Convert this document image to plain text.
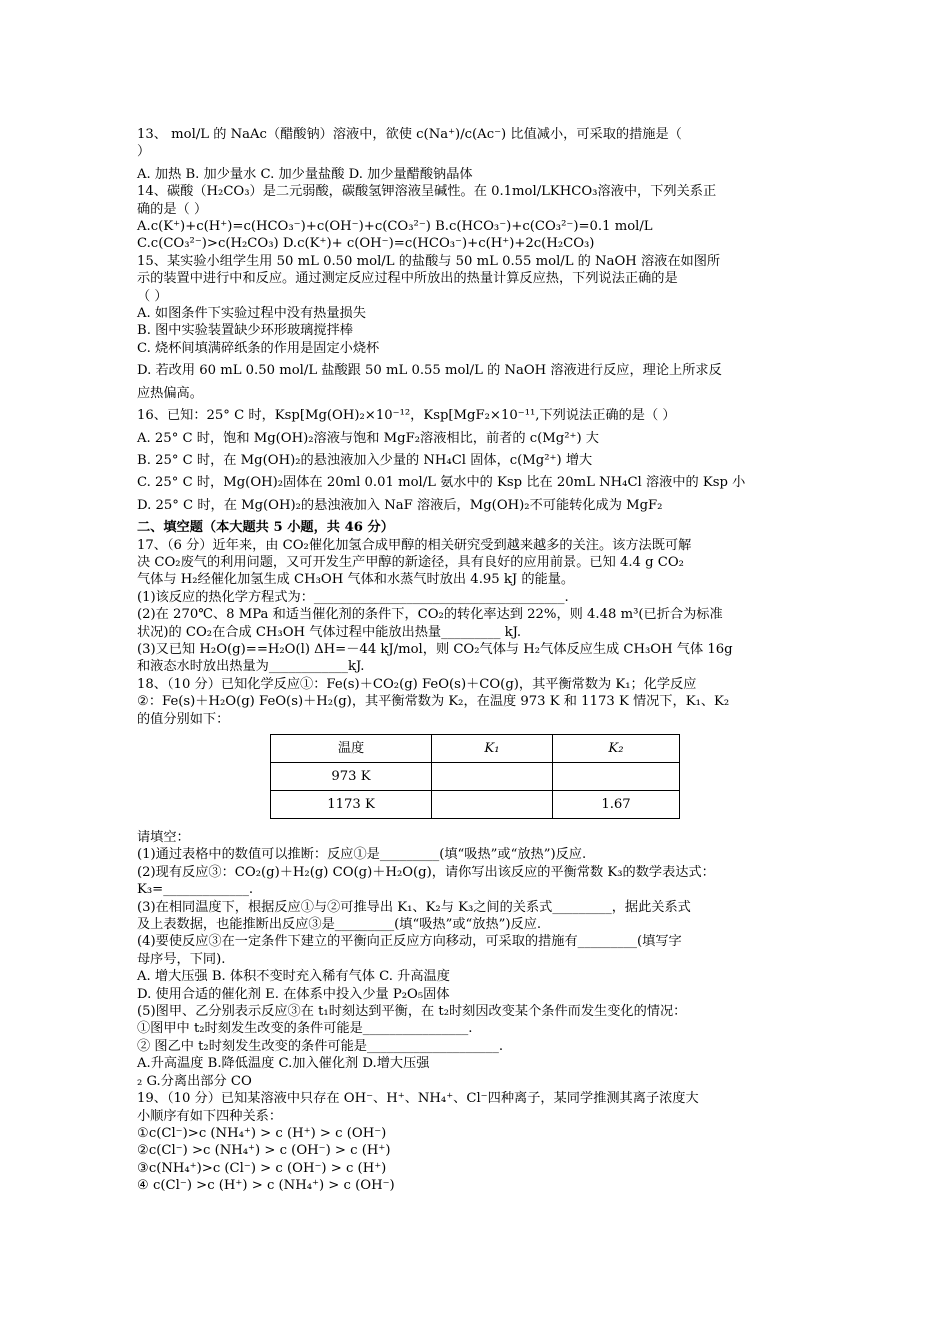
13、 mol/L 的 NaAc（醋酸钠）溶液中，欲使 c(Na⁺)/c(Ac⁻) 比值减小，可采取的措施是（
）
A. 加热 B. 加少量水 C. 加少量盐酸 D. 加少量醋酸钠晶体
14、碳酸（H₂CO₃）是二元弱酸，碳酸氢钾溶液呈碱性。在 0.1mol/LKHCO₃溶液中，下列关系正
确的是（ ）
A.c(K⁺)+c(H⁺)=c(HCO₃⁻)+c(OH⁻)+c(CO₃²⁻) B.c(HCO₃⁻)+c(CO₃²⁻)=0.1 mol/L
C.c(CO₃²⁻)>c(H₂CO₃) D.c(K⁺)+ c(OH⁻)=c(HCO₃⁻)+c(H⁺)+2c(H₂CO₃)
15、某实验小组学生用 50 mL 0.50 mol/L 的盐酸与 50 mL 0.55 mol/L 的 NaOH 溶液在如图所
示的装置中进行中和反应。通过测定反应过程中所放出的热量计算反应热，下列说法正确的是
（ ）
A. 如图条件下实验过程中没有热量损失
B. 图中实验装置缺少环形玻璃搅拌棒
C. 烧杯间填满碎纸条的作用是固定小烧杯
D. 若改用 60 mL 0.50 mol/L 盐酸跟 50 mL 0.55 mol/L 的 NaOH 溶液进行反应，理论上所求反
应热偏高。
16、已知：25° C 时，Ksp[Mg(OH)₂×10⁻¹²，Ksp[MgF₂×10⁻¹¹,下列说法正确的是（ ）
A. 25° C 时，饱和 Mg(OH)₂溶液与饱和 MgF₂溶液相比，前者的 c(Mg²⁺) 大
B. 25° C 时，在 Mg(OH)₂的悬浊液加入少量的 NH₄Cl 固体，c(Mg²⁺) 增大
C. 25° C 时，Mg(OH)₂固体在 20ml 0.01 mol/L 氨水中的 Ksp 比在 20mL NH₄Cl 溶液中的 Ksp 小
D. 25° C 时，在 Mg(OH)₂的悬浊液加入 NaF 溶液后，Mg(OH)₂不可能转化成为 MgF₂
二、填空题（本大题共 5 小题，共 46 分）
17、（6 分）近年来，由 CO₂催化加氢合成甲醇的相关研究受到越来越多的关注。该方法既可解
决 CO₂废气的利用问题，又可开发生产甲醇的新途径，具有良好的应用前景。已知 4.4 g CO₂
气体与 H₂经催化加氢生成 CH₃OH 气体和水蒸气时放出 4.95 kJ 的能量。
(1)该反应的热化学方程式为：______________________________________.
(2)在 270℃、8 MPa 和适当催化剂的条件下，CO₂的转化率达到 22%，则 4.48 m³(已折合为标准
状况)的 CO₂在合成 CH₃OH 气体过程中能放出热量_________ kJ.
(3)又已知 H₂O(g)==H₂O(l) ΔH=－44 kJ/mol，则 CO₂气体与 H₂气体反应生成 CH₃OH 气体 16g
和液态水时放出热量为____________kJ.
18、（10 分）已知化学反应①：Fe(s)＋CO₂(g) FeO(s)＋CO(g)，其平衡常数为 K₁；化学反应
②：Fe(s)＋H₂O(g) FeO(s)＋H₂(g)，其平衡常数为 K₂，在温度 973 K 和 1173 K 情况下，K₁、K₂
的值分别如下：
温度	K₁	K₂
973 K		
1173 K		1.67
请填空：
(1)通过表格中的数值可以推断：反应①是_________(填“吸热”或“放热”)反应.
(2)现有反应③：CO₂(g)＋H₂(g) CO(g)＋H₂O(g)，请你写出该反应的平衡常数 K₃的数学表达式：
K₃=_____________.
(3)在相同温度下，根据反应①与②可推导出 K₁、K₂与 K₃之间的关系式_________，据此关系式
及上表数据，也能推断出反应③是_________(填“吸热”或“放热”)反应.
(4)要使反应③在一定条件下建立的平衡向正反应方向移动，可采取的措施有_________(填写字
母序号，下同).
A. 增大压强 B. 体积不变时充入稀有气体 C. 升高温度
D. 使用合适的催化剂 E. 在体系中投入少量 P₂O₅固体
(5)图甲、乙分别表示反应③在 t₁时刻达到平衡，在 t₂时刻因改变某个条件而发生变化的情况：
①图甲中 t₂时刻发生改变的条件可能是________________.
② 图乙中 t₂时刻发生改变的条件可能是____________________.
A.升高温度 B.降低温度 C.加入催化剂 D.增大压强
₂ G.分离出部分 CO
19、（10 分）已知某溶液中只存在 OH⁻、H⁺、NH₄⁺、Cl⁻四种离子，某同学推测其离子浓度大
小顺序有如下四种关系：
①c(Cl⁻)>c (NH₄⁺) > c (H⁺) > c (OH⁻)
②c(Cl⁻) >c (NH₄⁺) > c (OH⁻) > c (H⁺)
③c(NH₄⁺)>c (Cl⁻) > c (OH⁻) > c (H⁺)
④ c(Cl⁻) >c (H⁺) > c (NH₄⁺) > c (OH⁻)
